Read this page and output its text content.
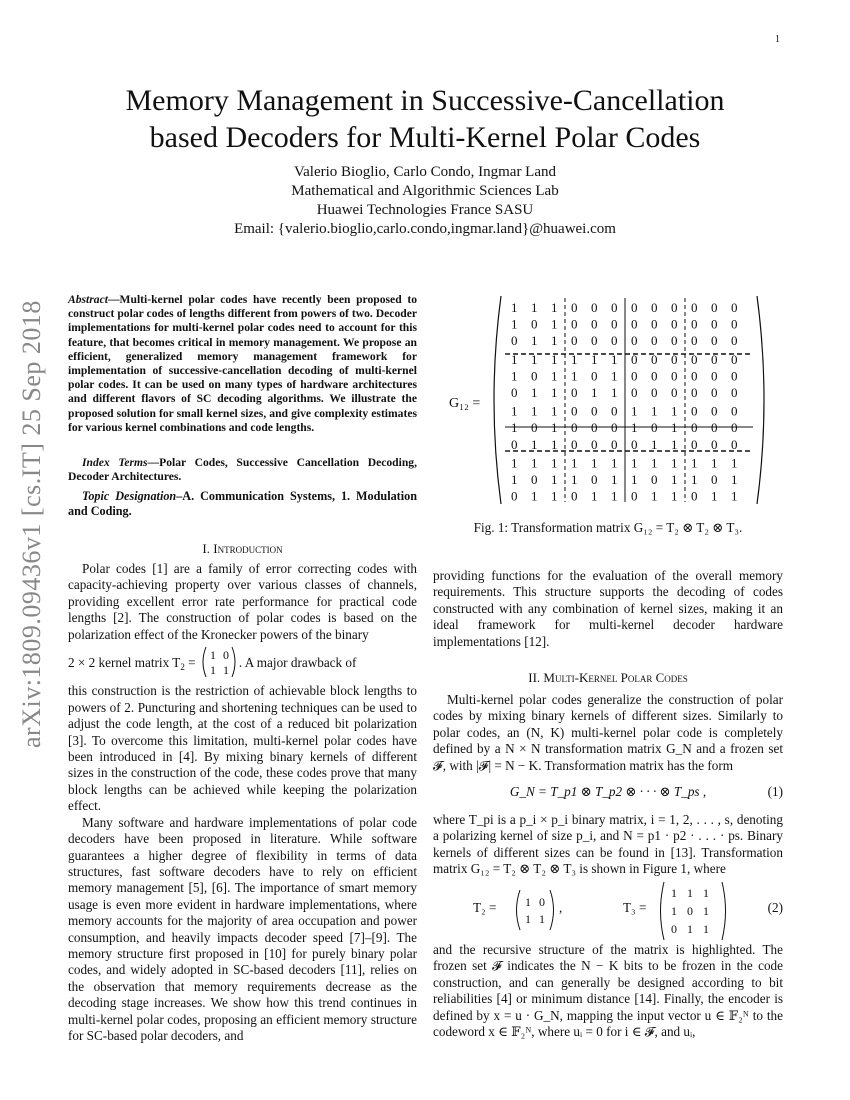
1
Memory Management in Successive-Cancellation
based Decoders for Multi-Kernel Polar Codes
Valerio Bioglio, Carlo Condo, Ingmar Land
Mathematical and Algorithmic Sciences Lab
Huawei Technologies France SASU
Email: {valerio.bioglio,carlo.condo,ingmar.land}@huawei.com
arXiv:1809.09436v1 [cs.IT] 25 Sep 2018

Abstract—Multi-kernel polar codes have recently been proposed to construct polar codes of lengths different from powers of two. Decoder implementations for multi-kernel polar codes need to account for this feature, that becomes critical in memory management. We propose an efficient, generalized memory management framework for implementation of successive-cancellation decoding of multi-kernel polar codes. It can be used on many types of hardware architectures and different flavors of SC decoding algorithms. We illustrate the proposed solution for small kernel sizes, and give complexity estimates for various kernel combinations and code lengths.

Index Terms—Polar Codes, Successive Cancellation Decoding, Decoder Architectures.

Topic Designation–A. Communication Systems, 1. Modulation and Coding.

I. Introduction

Polar codes [1] are a family of error correcting codes with capacity-achieving property over various classes of channels, providing excellent error rate performance for practical code lengths [2]. The construction of polar codes is based on the polarization effect of the Kronecker powers of the binary

2 × 2 kernel matrix $T_2$ =
1 0
1 1 . A major drawback of

this construction is the restriction of achievable block lengths to powers of 2. Puncturing and shortening techniques can be used to adjust the code length, at the cost of a reduced bit polarization [3]. To overcome this limitation, multi-kernel polar codes have been introduced in [4]. By mixing binary kernels of different sizes in the construction of the code, these codes prove that many block lengths can be achieved while keeping the polarization effect.

Many software and hardware implementations of polar code decoders have been proposed in literature. While software guarantees a higher degree of flexibility in terms of data structures, fast software decoders have to rely on efficient memory management [5], [6]. The importance of smart memory usage is even more evident in hardware implementations, where memory accounts for the majority of area occupation and power consumption, and heavily impacts decoder speed [7]–[9]. The memory structure first proposed in [10] for purely binary polar codes, and widely adopted in SC-based decoders [11], relies on the observation that memory requirements decrease as the decoding stage increases. We show how this trend continues in multi-kernel polar codes, proposing an efficient memory structure for SC-based polar decoders, and

G₁₂ =
1 1 1 0 0 0 0 0 0 0 0 0
1 0 1 0 0 0 0 0 0 0 0 0
0 1 1 0 0 0 0 0 0 0 0 0
1 1 1 1 1 1 0 0 0 0 0 0
1 0 1 1 0 1 0 0 0 0 0 0
0 1 1 0 1 1 0 0 0 0 0 0
1 1 1 0 0 0 1 1 1 0 0 0
1 0 1 0 0 0 1 0 1 0 0 0
0 1 1 0 0 0 0 1 1 0 0 0
1 1 1 1 1 1 1 1 1 1 1 1
1 0 1 1 0 1 1 0 1 1 0 1
0 1 1 0 1 1 0 1 1 0 1 1
Fig. 1: Transformation matrix G₁₂ = T₂ ⊗ T₂ ⊗ T₃.

providing functions for the evaluation of the overall memory requirements. This structure supports the decoding of codes constructed with any combination of kernel sizes, making it an ideal framework for multi-kernel decoder hardware implementations [12].

II. Multi-Kernel Polar Codes

Multi-kernel polar codes generalize the construction of polar codes by mixing binary kernels of different sizes. Similarly to polar codes, an (N, K) multi-kernel polar code is completely defined by a N × N transformation matrix G_N and a frozen set 𝓕, with |𝓕| = N − K. Transformation matrix has the form

G_N = T_p1 ⊗ T_p2 ⊗ · · · ⊗ T_ps ,	(1)

where T_pi is a p_i × p_i binary matrix, i = 1, 2, . . . , s, denoting a polarizing kernel of size p_i, and N = p1 · p2 · . . . · ps. Binary kernels of different sizes can be found in [13]. Transformation matrix G₁₂ = T₂ ⊗ T₂ ⊗ T₃ is shown in Figure 1, where

T₂ = 1 0
1 1
,	T₃ =
1 1 1
1 0 1
0 1 1
(2)

and the recursive structure of the matrix is highlighted. The frozen set 𝓕 indicates the N − K bits to be frozen in the code construction, and can generally be designed according to bit reliabilities [4] or minimum distance [14]. Finally, the encoder is defined by x = u · G_N, mapping the input vector u ∈ 𝔽₂ᴺ to the codeword x ∈ 𝔽₂ᴺ, where uᵢ = 0 for i ∈ 𝓕, and uᵢ,
